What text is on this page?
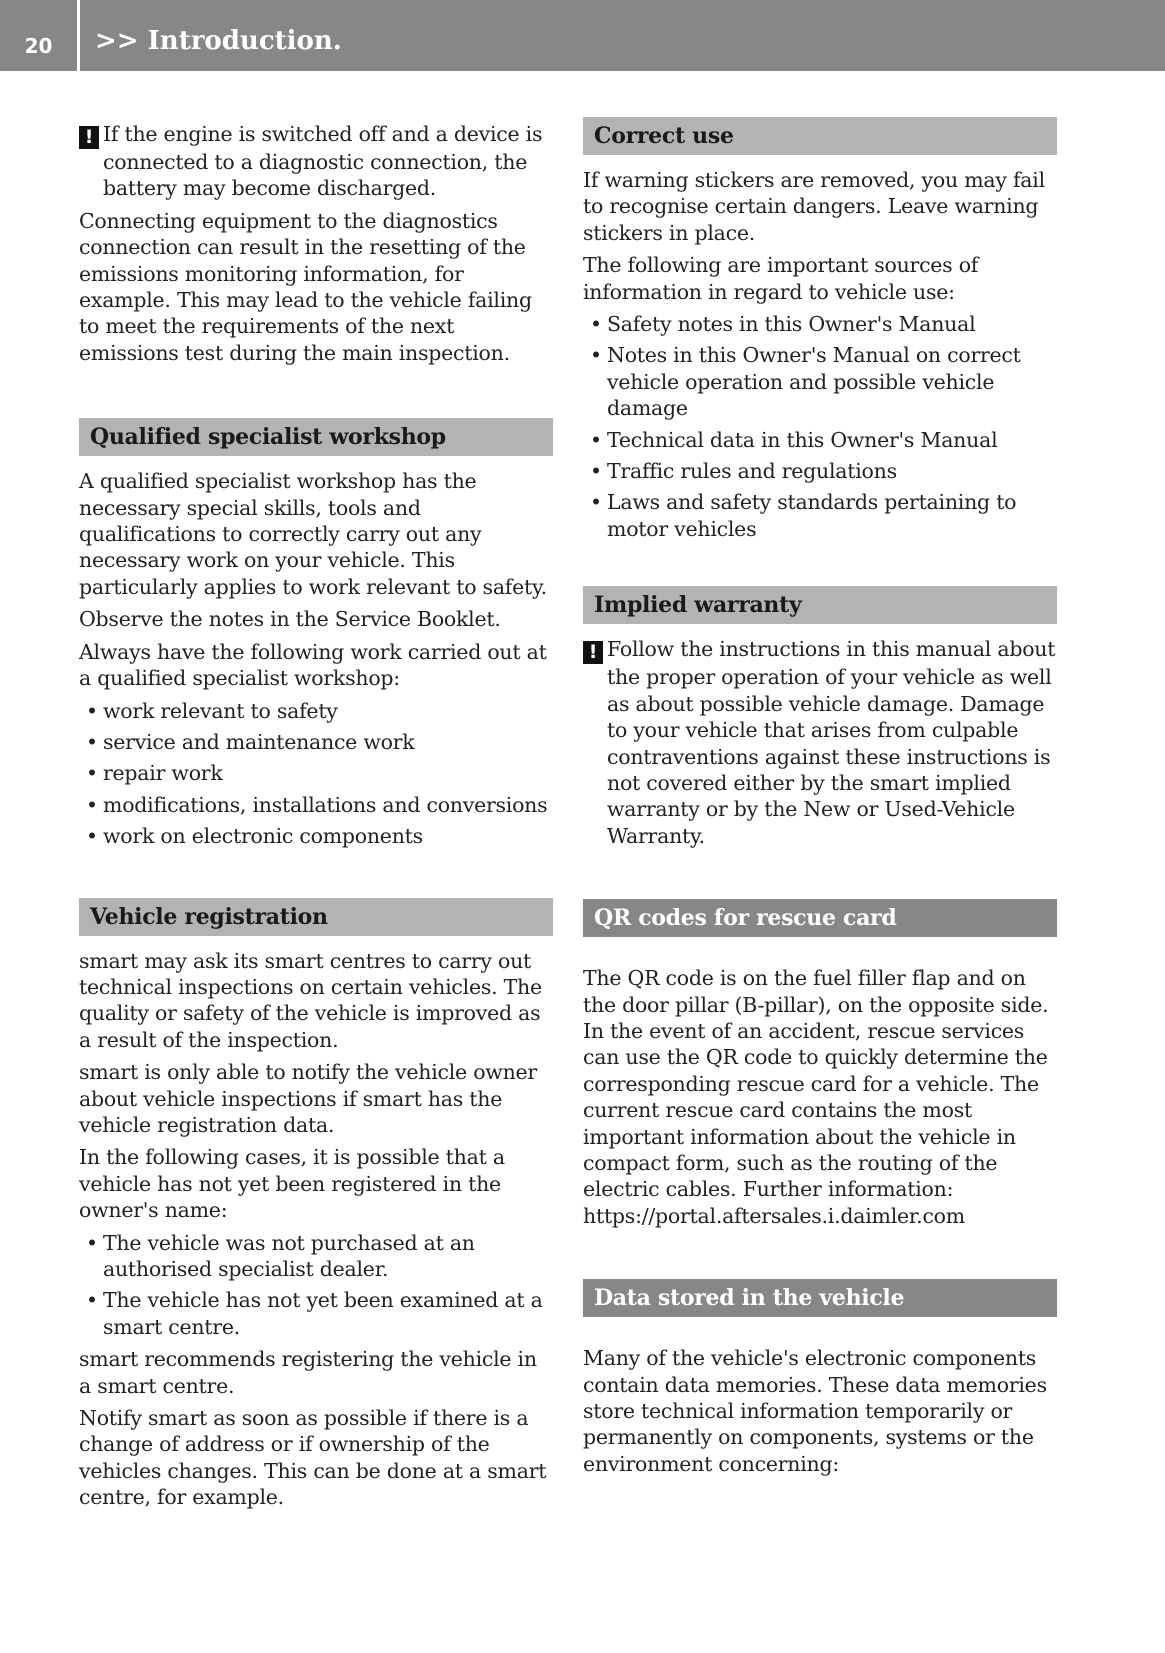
20	>> Introduction.

! If the engine is switched off and a device is connected to a diagnostic connection, the battery may become discharged.

Connecting equipment to the diagnostics connection can result in the resetting of the emissions monitoring information, for example. This may lead to the vehicle failing to meet the requirements of the next emissions test during the main inspection.

Qualified specialist workshop

A qualified specialist workshop has the necessary special skills, tools and qualifications to correctly carry out any necessary work on your vehicle. This particularly applies to work relevant to safety.

Observe the notes in the Service Booklet.

Always have the following work carried out at a qualified specialist workshop:

• work relevant to safety
• service and maintenance work
• repair work
• modifications, installations and conversions
• work on electronic components
Vehicle registration

smart may ask its smart centres to carry out technical inspections on certain vehicles. The quality or safety of the vehicle is improved as a result of the inspection.

smart is only able to notify the vehicle owner about vehicle inspections if smart has the vehicle registration data.

In the following cases, it is possible that a vehicle has not yet been registered in the owner's name:

• The vehicle was not purchased at an authorised specialist dealer.
• The vehicle has not yet been examined at a smart centre.

smart recommends registering the vehicle in a smart centre.

Notify smart as soon as possible if there is a change of address or if ownership of the vehicles changes. This can be done at a smart centre, for example.

Correct use

If warning stickers are removed, you may fail to recognise certain dangers. Leave warning stickers in place.

The following are important sources of information in regard to vehicle use:

• Safety notes in this Owner's Manual
• Notes in this Owner's Manual on correct vehicle operation and possible vehicle damage
• Technical data in this Owner's Manual
• Traffic rules and regulations
• Laws and safety standards pertaining to motor vehicles
Implied warranty

! Follow the instructions in this manual about the proper operation of your vehicle as well as about possible vehicle damage. Damage to your vehicle that arises from culpable contraventions against these instructions is not covered either by the smart implied warranty or by the New or Used-Vehicle Warranty.

QR codes for rescue card

The QR code is on the fuel filler flap and on the door pillar (B-pillar), on the opposite side. In the event of an accident, rescue services can use the QR code to quickly determine the corresponding rescue card for a vehicle. The current rescue card contains the most important information about the vehicle in compact form, such as the routing of the electric cables. Further information: https://portal.aftersales.i.daimler.com

Data stored in the vehicle

Many of the vehicle's electronic components contain data memories. These data memories store technical information temporarily or permanently on components, systems or the environment concerning:
